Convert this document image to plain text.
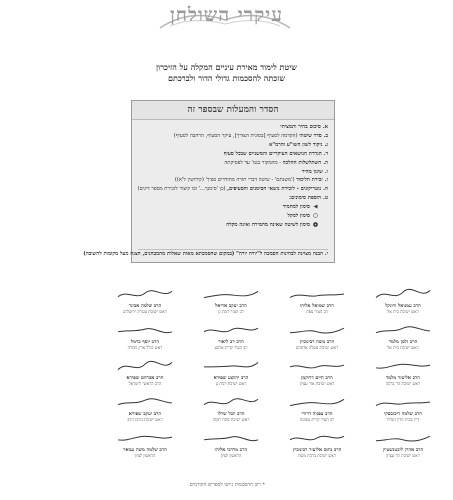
עיקרי השולחן
שיטת לימוד מאירת עיניים המקלה על הזיכרון
שזכתה להסכמות גדולי הדור ולברכתם
הסדר והמעלות שבספר זה
א.סיכום בהיר ותמציתי
ב.סדר שיטתי (הקדמה לסעיף [בסוגית הצורך], עיקר הסעיף, הרחבה לסעיף)
ג.ניקוד לשון השו"ע והרמ"א
ד.הגדרת הנושאים העיקריים והמשניים שבכל סעיף
ה.השתלשלות ההלכה - מהמקור בגמ' עד לפסיקתה
ו.שינון מהיר
ז.זכירת הלימוד ('משנתם' - שיטה דברי תורה מחודדים בפיך' (קידושין ל'א))
ח.נוטריקונים - לזכירת נושאי הסימנים והסעיפים, (כן 'סימנך...' ובו קיצור לזכירת מספר דינים)
ט.הוספת סימונים:
סימון למחמיר
סימון למקל
סימון לשיטה שאינה מחמירה ואינה מקלה
י. הבנה מצוינת לבחינות הסמכה ל"יורה יורה" (במקום שהסמכתא מאות שאלות מהמבחנים, הצגה מעל מקומות להשובה)
הרב עמנואל ורונקל
ראש ישיבת בית אל
הרב שמואל אליהו
רב העיר צפת
הרב יעקב אריאל
רב העיר רמת גן
הרב שלמה אבינר
ראש ישיבת עטרת ירושלים
הרב זלמן מלמד
ראש ישיבת בית אל
הרב משה רבינוביץ
ראש ישיבת מעלה אדומים
הרב דב ליאור
רב העיר קרית ארבע
הרב יוסף כרמל
ראש כולל ארץ חמדה
הרב אליעזר מלמד
ראש ישיבת הר ברכה
הרב חיים דרוקמן
ראש ישיבת אור עציון
הרב יהושע שפירא
ראש ישיבת רמת גן
הרב אברהם שפירא
הרב הראשי לישראל
הרב שלמה דיכובסקי
דיין בבית הדין הגדול
הרב צפניה דרורי
רב העיר קרית שמונה
הרב יובל שרלו
ראש ישיבת פתח תקוה
הרב יעקב שפירא
ראש ישיבת מרכז הרב
הרב אהרן ליכטנשטיין
ראש ישיבת הר עציון
הרב נחום אליעזר רבינוביץ
ראש ישיבת ברכת משה
הרב מרדכי אליהו
הראשון לציון
הרב שלמה משה עמאר
הראשון לציון
* רוב ההסכמות ניתנו לספרים הקודמים.
